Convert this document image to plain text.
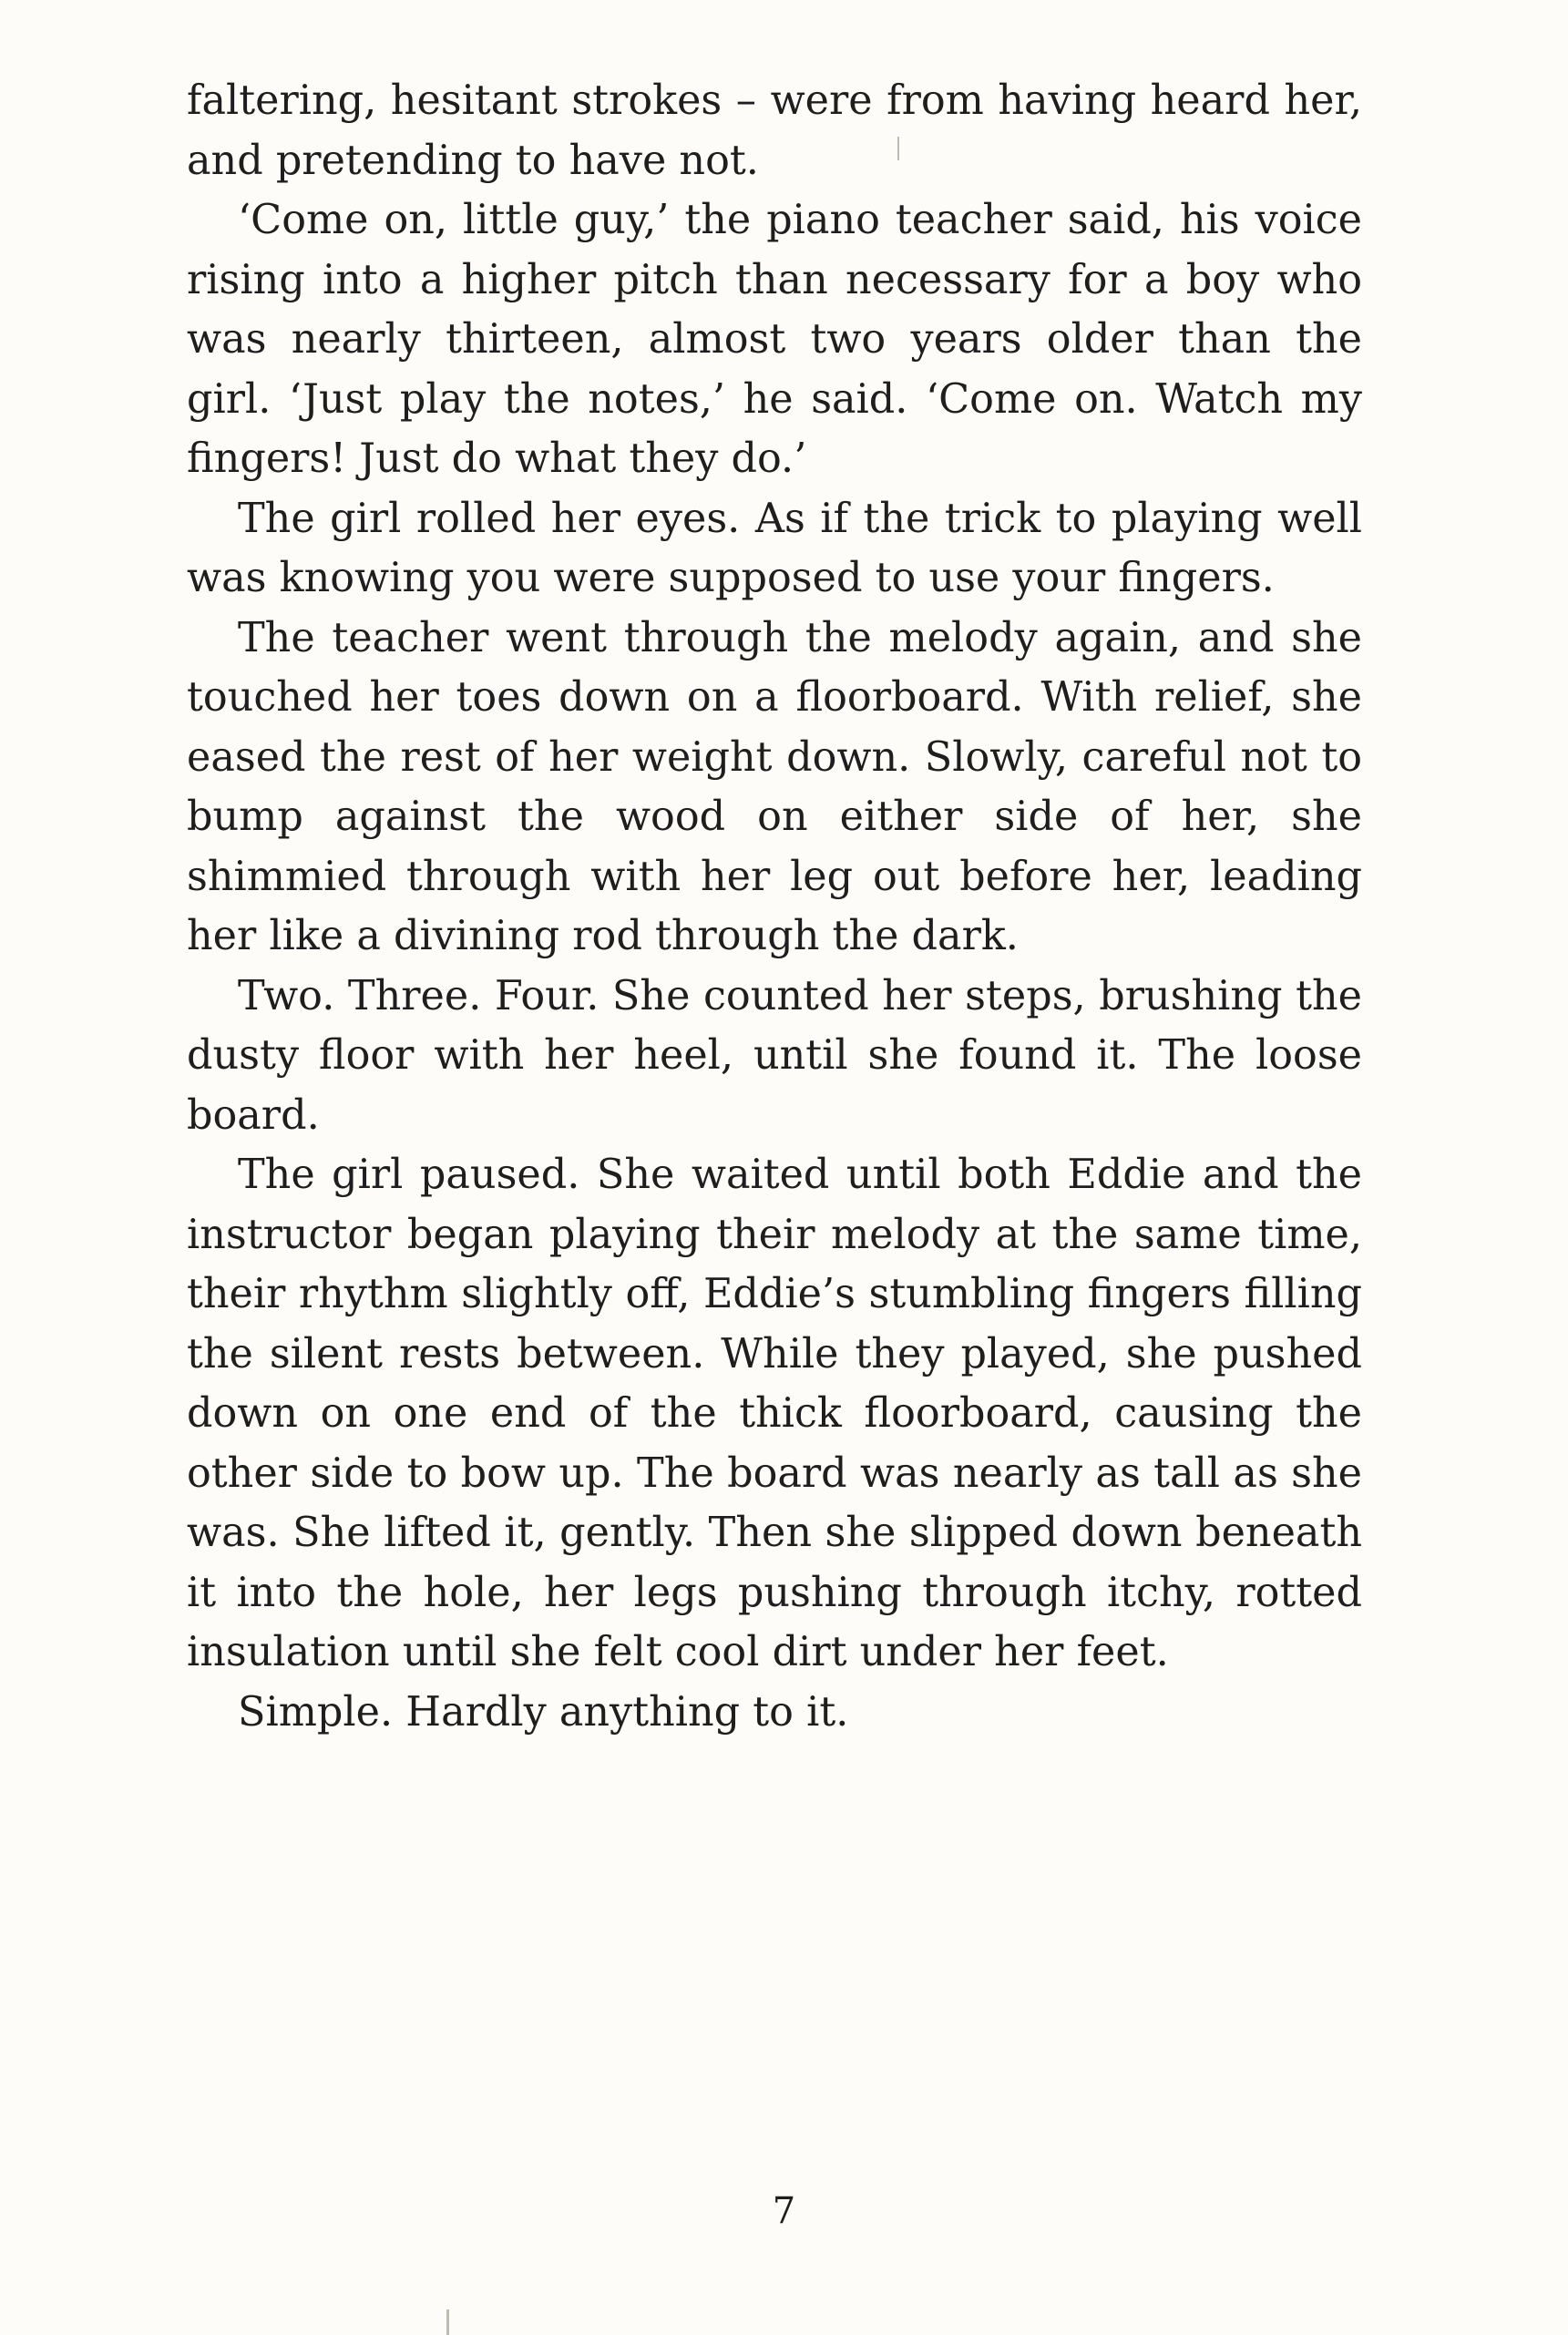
faltering, hesitant strokes – were from having heard her, and pretending to have not.

‘Come on, little guy,’ the piano teacher said, his voice rising into a higher pitch than necessary for a boy who was nearly thirteen, almost two years older than the girl. ‘Just play the notes,’ he said. ‘Come on. Watch my fingers! Just do what they do.’

The girl rolled her eyes. As if the trick to playing well was knowing you were supposed to use your fingers.

The teacher went through the melody again, and she touched her toes down on a floorboard. With relief, she eased the rest of her weight down. Slowly, careful not to bump against the wood on either side of her, she shimmied through with her leg out before her, leading her like a divining rod through the dark.

Two. Three. Four. She counted her steps, brushing the dusty floor with her heel, until she found it. The loose board.

The girl paused. She waited until both Eddie and the instructor began playing their melody at the same time, their rhythm slightly off, Eddie’s stumbling fingers filling the silent rests between. While they played, she pushed down on one end of the thick floorboard, causing the other side to bow up. The board was nearly as tall as she was. She lifted it, gently. Then she slipped down beneath it into the hole, her legs pushing through itchy, rotted insulation until she felt cool dirt under her feet.

Simple. Hardly anything to it.

7
